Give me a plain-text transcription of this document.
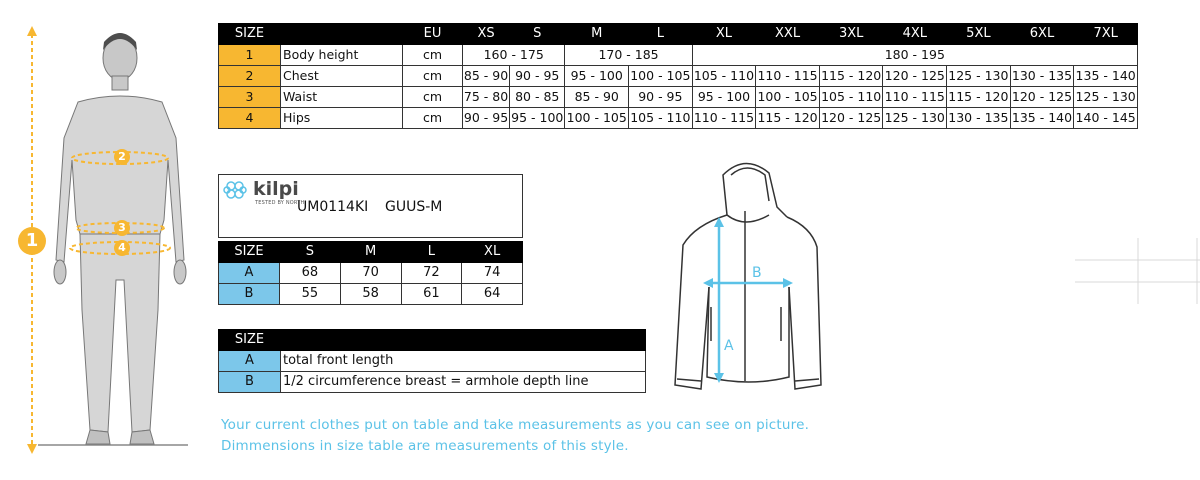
1
2
3
4
SIZE		EU	XS	S	M	L	XL	XXL	3XL	4XL	5XL	6XL	7XL
1	Body height	cm	160 - 175		170 - 185		180 - 195						
2	Chest	cm	85 - 90	90 - 95	95 - 100	100 - 105	105 - 110	110 - 115	115 - 120	120 - 125	125 - 130	130 - 135	135 - 140
3	Waist	cm	75 - 80	80 - 85	85 - 90	90 - 95	95 - 100	100 - 105	105 - 110	110 - 115	115 - 120	120 - 125	125 - 130
4	Hips	cm	90 - 95	95 - 100	100 - 105	105 - 110	110 - 115	115 - 120	120 - 125	125 - 130	130 - 135	135 - 140	140 - 145
kilpi
TESTED BY NORTH
UM0114KI GUUS-M
SIZE	S	M	L	XL
A	68	70	72	74
B	55	58	61	64
SIZE	
A	total front length
B	1/2 circumference breast = armhole depth line
A
B
Your current clothes put on table and take measurements as you can see on picture.
Dimmensions in size table are measurements of this style.
